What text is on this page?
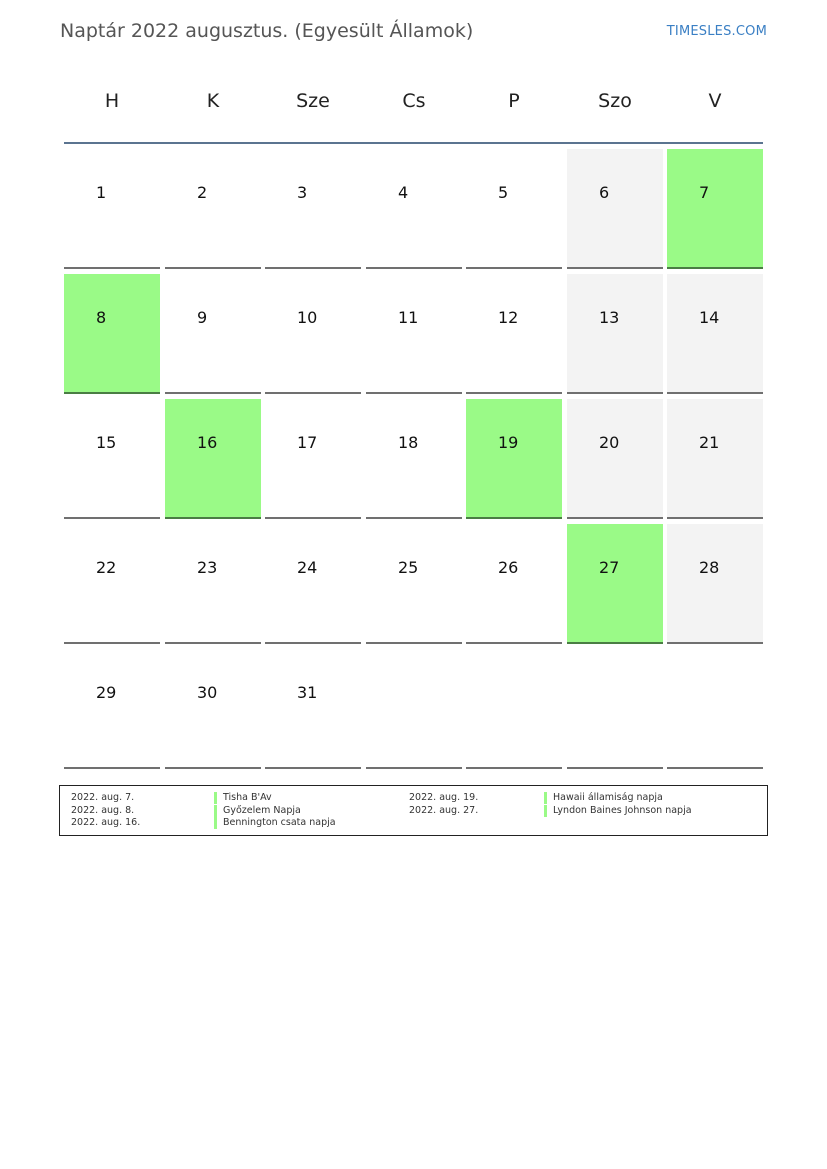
Naptár 2022 augusztus. (Egyesült Államok)	TIMESLES.COM
H	K	Sze	Cs	P	Szo	V
1	2	3	4	5	6	7
8	9	10	11	12	13	14
15	16	17	18	19	20	21
22	23	24	25	26	27	28
29	30	31
2022. aug. 7.	Tisha B'Av
2022. aug. 8.	Győzelem Napja
2022. aug. 16.	Bennington csata napja
2022. aug. 19.	Hawaii államiság napja
2022. aug. 27.	Lyndon Baines Johnson napja
